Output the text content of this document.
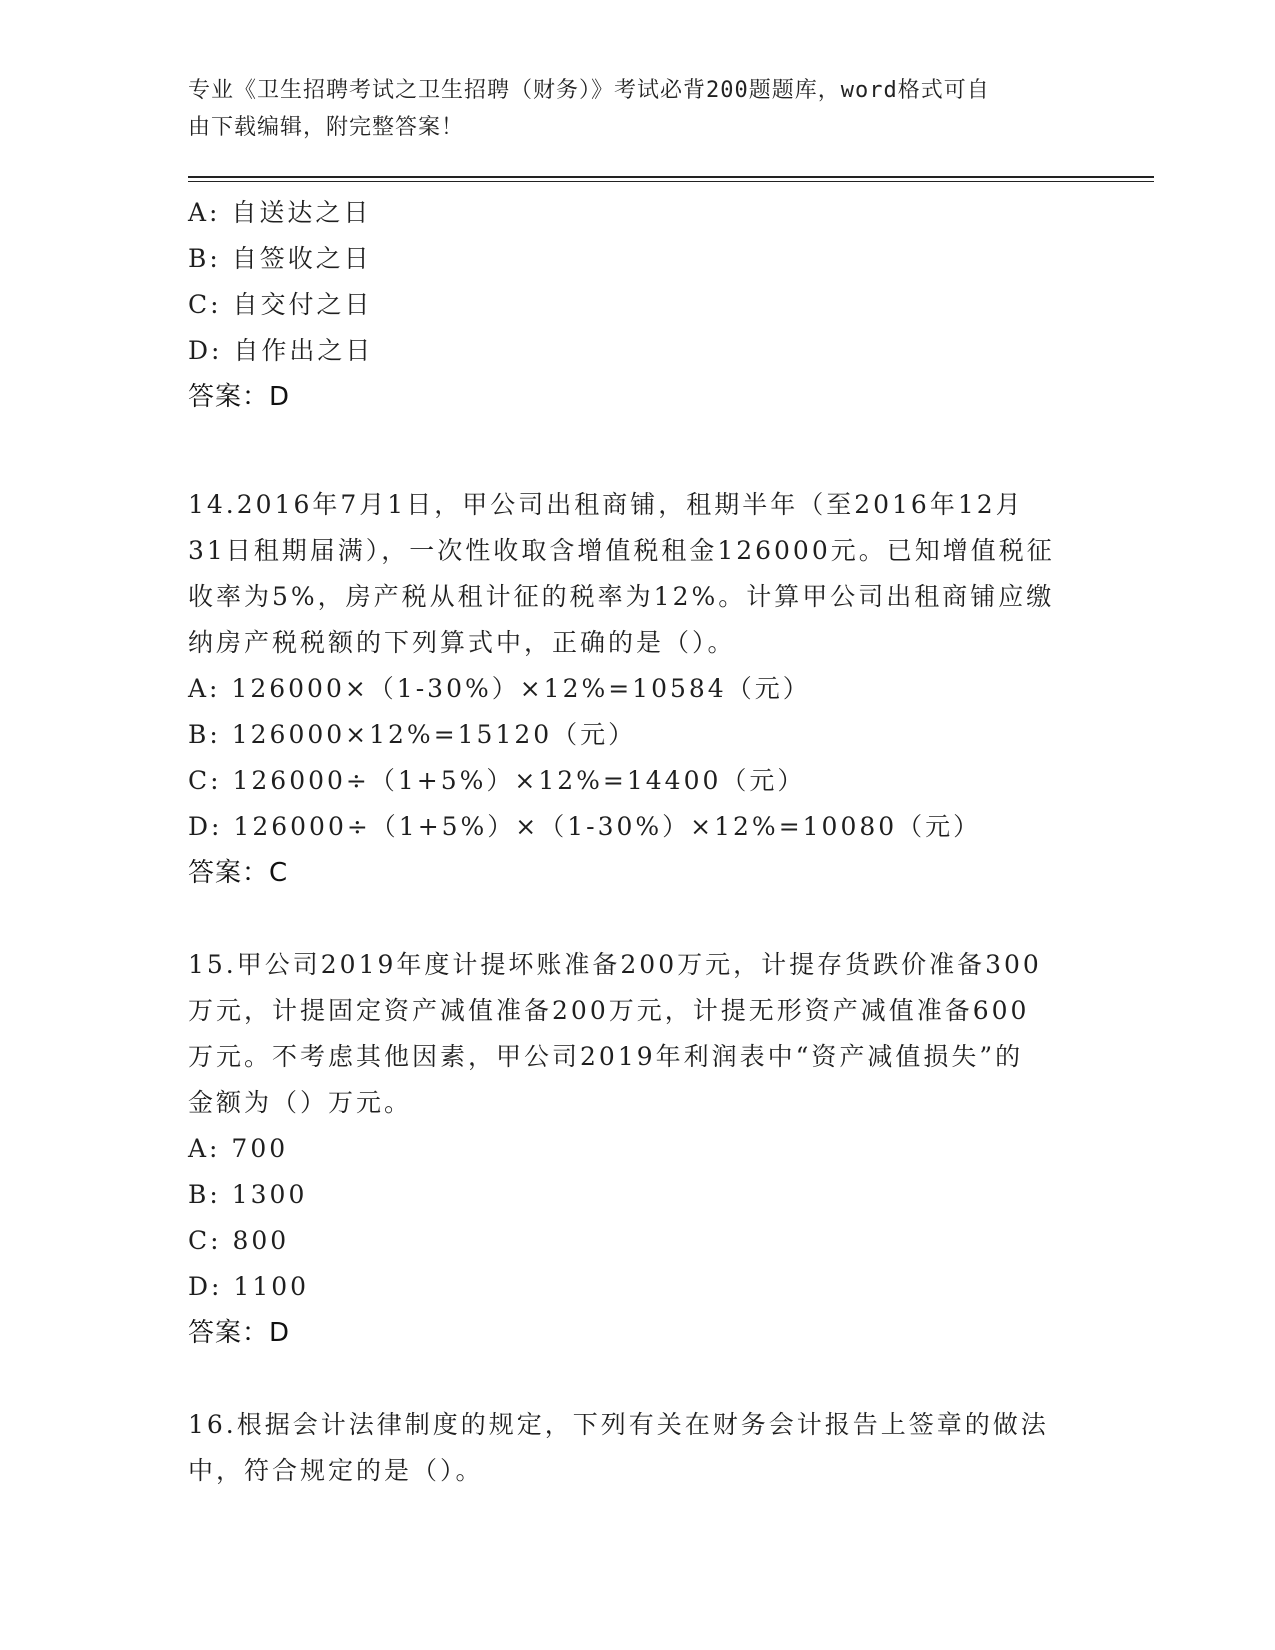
专业《卫生招聘考试之卫生招聘（财务）》考试必背200题题库，word格式可自
由下载编辑，附完整答案！
A: 自送达之日
B: 自签收之日
C: 自交付之日
D: 自作出之日
答案：D
14.2016年7月1日，甲公司出租商铺，租期半年（至2016年12月
31日租期届满），一次性收取含增值税租金126000元。已知增值税征
收率为5%，房产税从租计征的税率为12%。计算甲公司出租商铺应缴
纳房产税税额的下列算式中，正确的是（）。
A: 126000×（1-30%）×12%=10584（元）
B: 126000×12%=15120（元）
C: 126000÷（1+5%）×12%=14400（元）
D: 126000÷（1+5%）×（1-30%）×12%=10080（元）
答案：C
15.甲公司2019年度计提坏账准备200万元，计提存货跌价准备300
万元，计提固定资产减值准备200万元，计提无形资产减值准备600
万元。不考虑其他因素，甲公司2019年利润表中“资产减值损失”的
金额为（）万元。
A: 700
B: 1300
C: 800
D: 1100
答案：D
16.根据会计法律制度的规定，下列有关在财务会计报告上签章的做法
中，符合规定的是（）。
